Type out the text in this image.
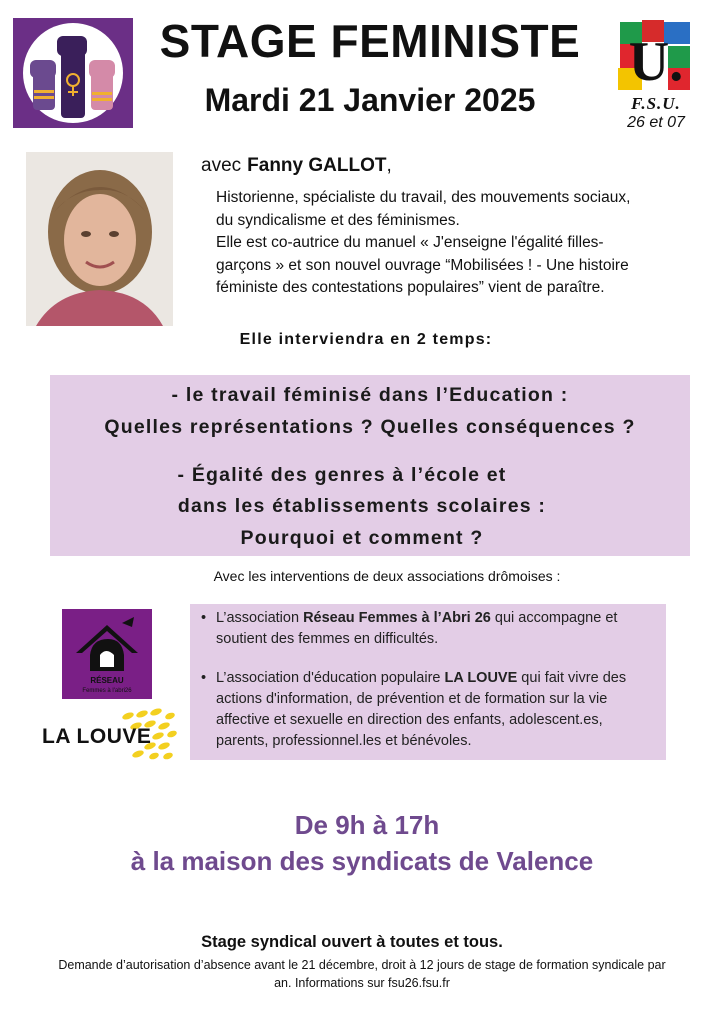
STAGE FEMINISTE
Mardi 21 Janvier 2025
U.
F.S.U.
26 et 07
avec Fanny GALLOT,
Historienne, spécialiste du travail, des mouvements sociaux,
du syndicalisme et des féminismes.
Elle est co-autrice du manuel « J'enseigne l'égalité filles-
garçons » et son nouvel ouvrage “Mobilisées ! - Une histoire
féministe des contestations populaires” vient de paraître.
Elle interviendra en 2 temps:
- le travail féminisé dans l’Education :
Quelles représentations ? Quelles conséquences ?
- Égalité des genres à l’école et
dans les établissements scolaires :
Pourquoi et comment ?
Avec les interventions de deux associations drômoises :
RÉSEAU
Femmes à l'abri26
LA LOUVE
• L’association Réseau Femmes à l’Abri 26 qui accompagne et
soutient des femmes en difficultés.
• L’association d'éducation populaire LA LOUVE qui fait vivre des
actions d'information, de prévention et de formation sur la vie
affective et sexuelle en direction des enfants, adolescent.es,
parents, professionnel.les et bénévoles.
De 9h à 17h
à la maison des syndicats de Valence
Stage syndical ouvert à toutes et tous.
Demande d’autorisation d’absence avant le 21 décembre, droit à 12 jours de stage de formation syndicale par
an. Informations sur fsu26.fsu.fr
